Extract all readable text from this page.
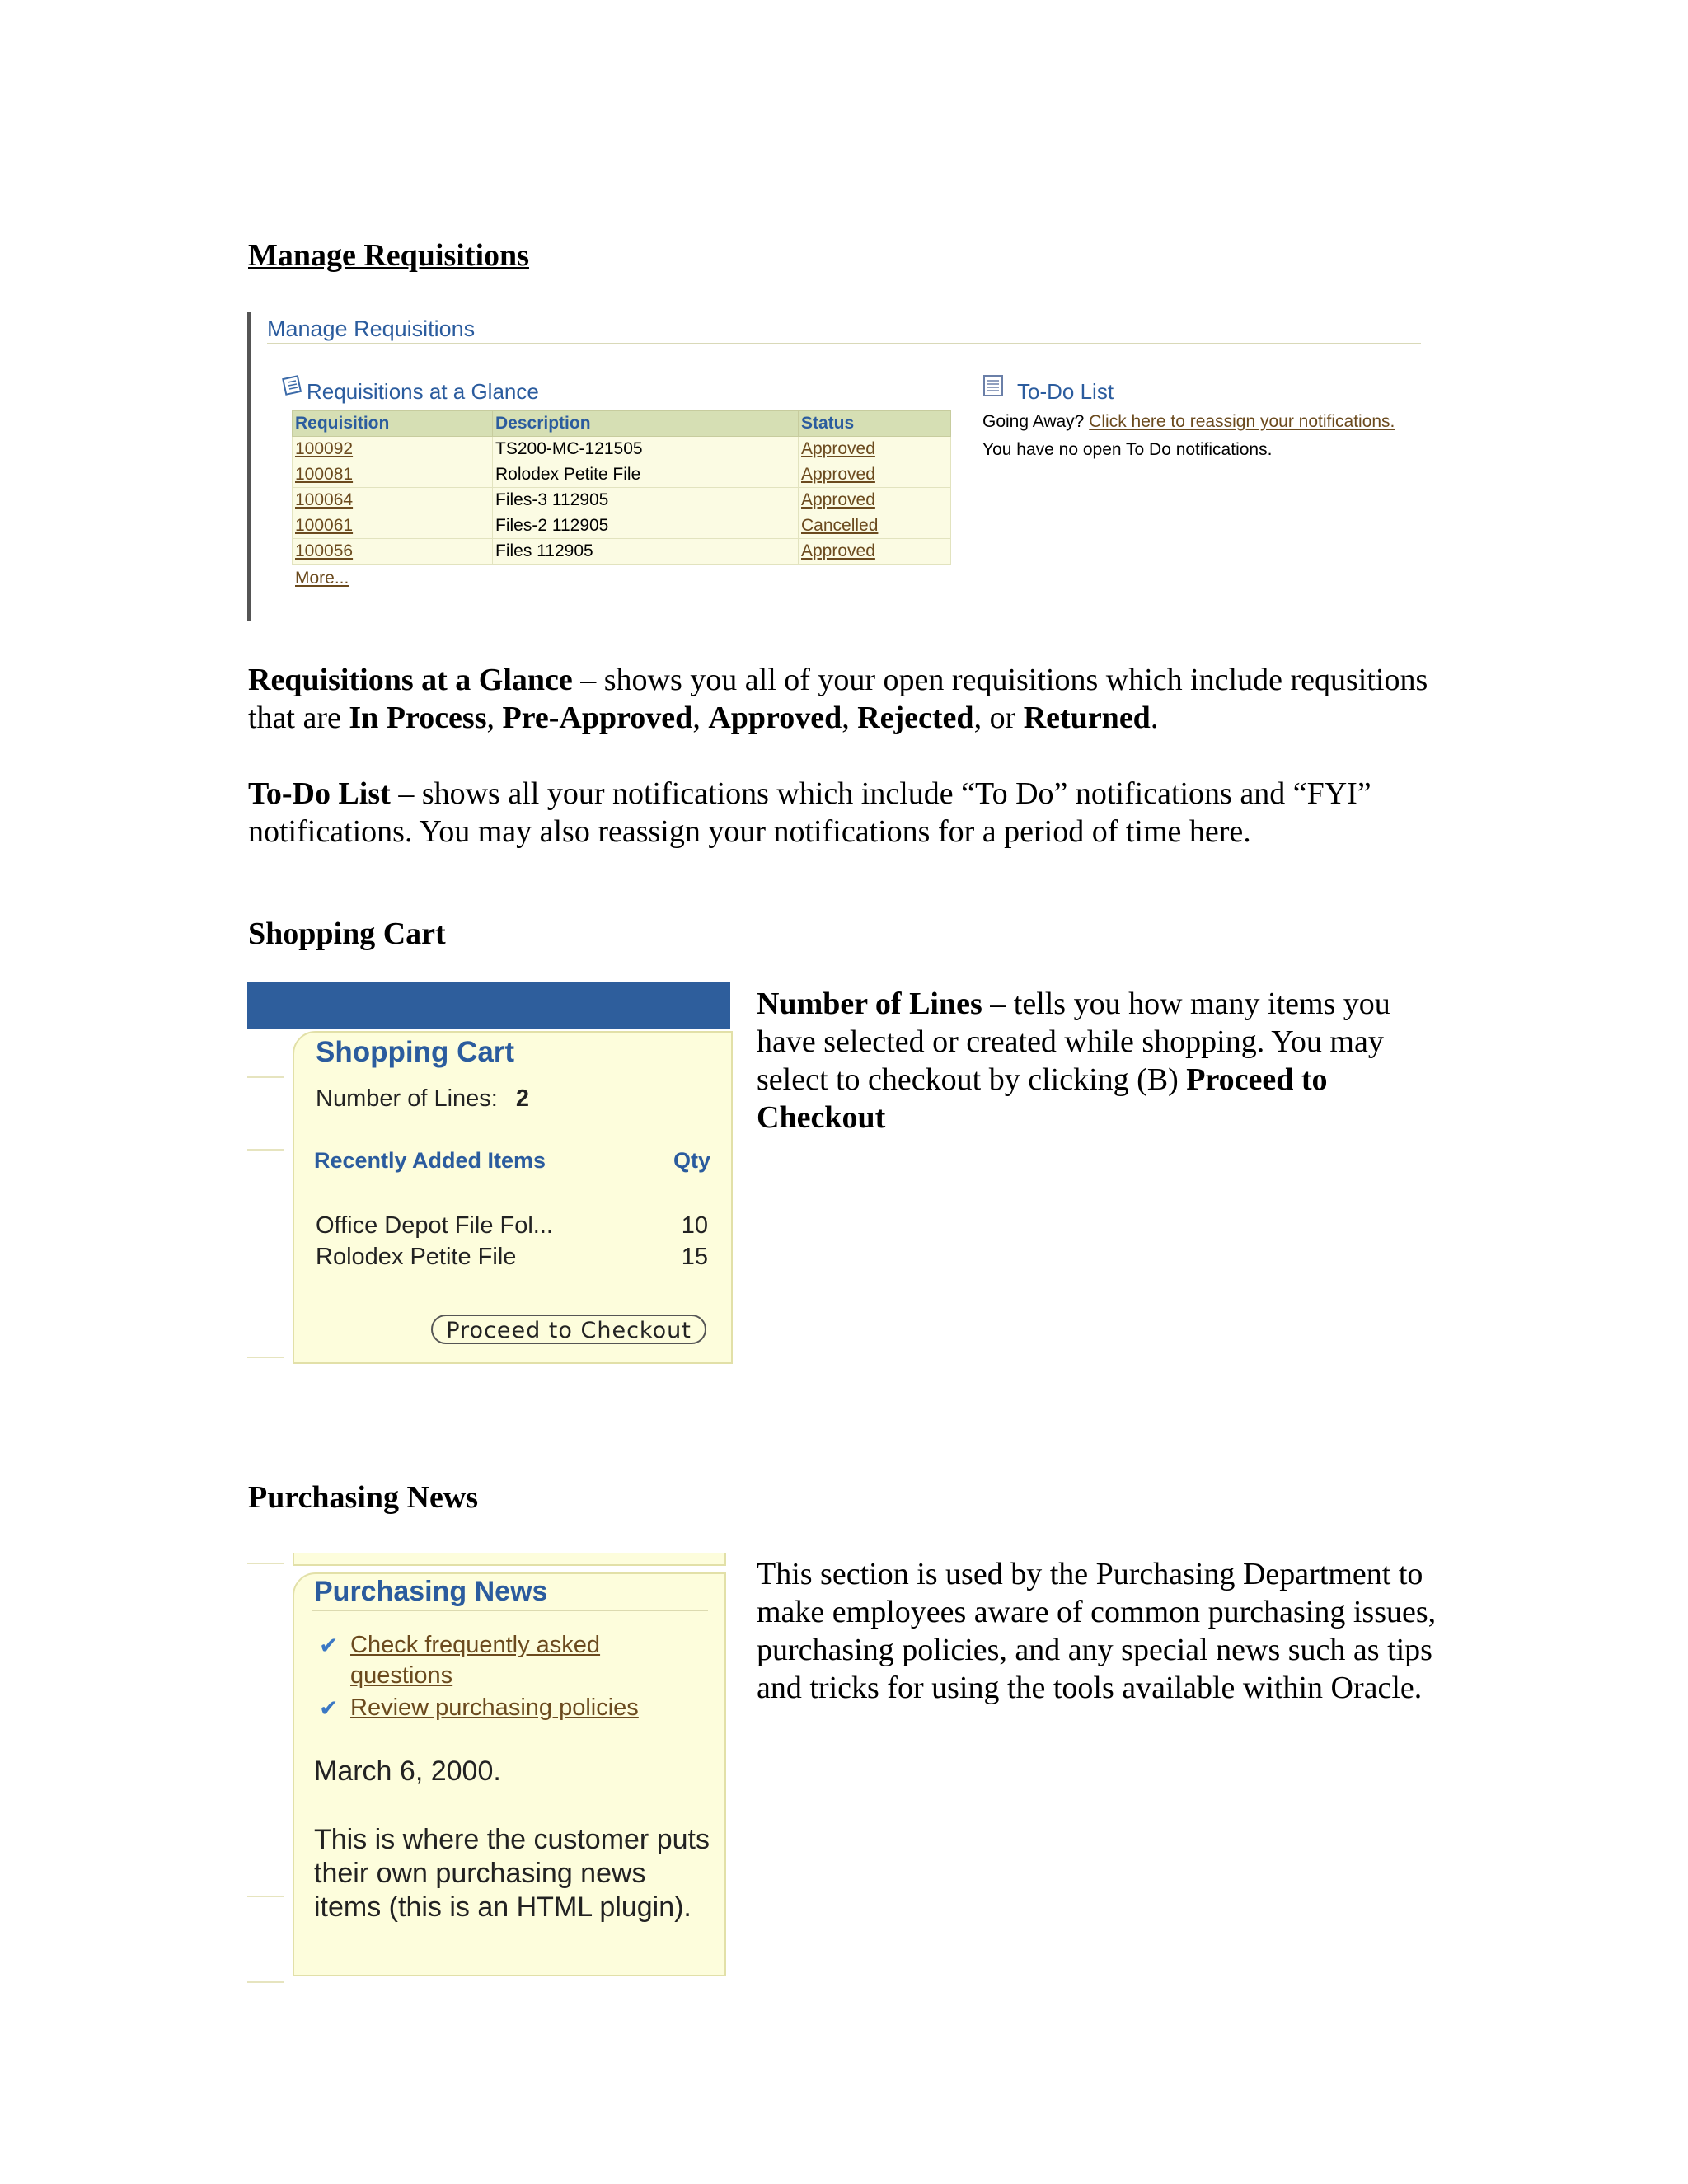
Manage Requisitions
Manage Requisitions
Requisitions at a Glance
Requisition	Description	Status
100092	TS200-MC-121505	Approved
100081	Rolodex Petite File	Approved
100064	Files-3 112905	Approved
100061	Files-2 112905	Cancelled
100056	Files 112905	Approved
More...
To-Do List
Going Away? Click here to reassign your notifications.
You have no open To Do notifications.
Requisitions at a Glance – shows you all of your open requisitions which include requsitions that are In Process, Pre-Approved, Approved, Rejected, or Returned.
To-Do List – shows all your notifications which include “To Do” notifications and “FYI” notifications. You may also reassign your notifications for a period of time here.
Shopping Cart
Shopping Cart
Number of Lines: 2
Recently Added Items	Qty
Office Depot File Fol...	10
Rolodex Petite File	15
Proceed to Checkout
Number of Lines – tells you how many items you have selected or created while shopping. You may select to checkout by clicking (B) Proceed to Checkout
Purchasing News
Purchasing News
✔ Check frequently asked questions
✔ Review purchasing policies
March 6, 2000.
This is where the customer puts their own purchasing news items (this is an HTML plugin).
This section is used by the Purchasing Department to make employees aware of common purchasing issues, purchasing policies, and any special news such as tips and tricks for using the tools available within Oracle.
